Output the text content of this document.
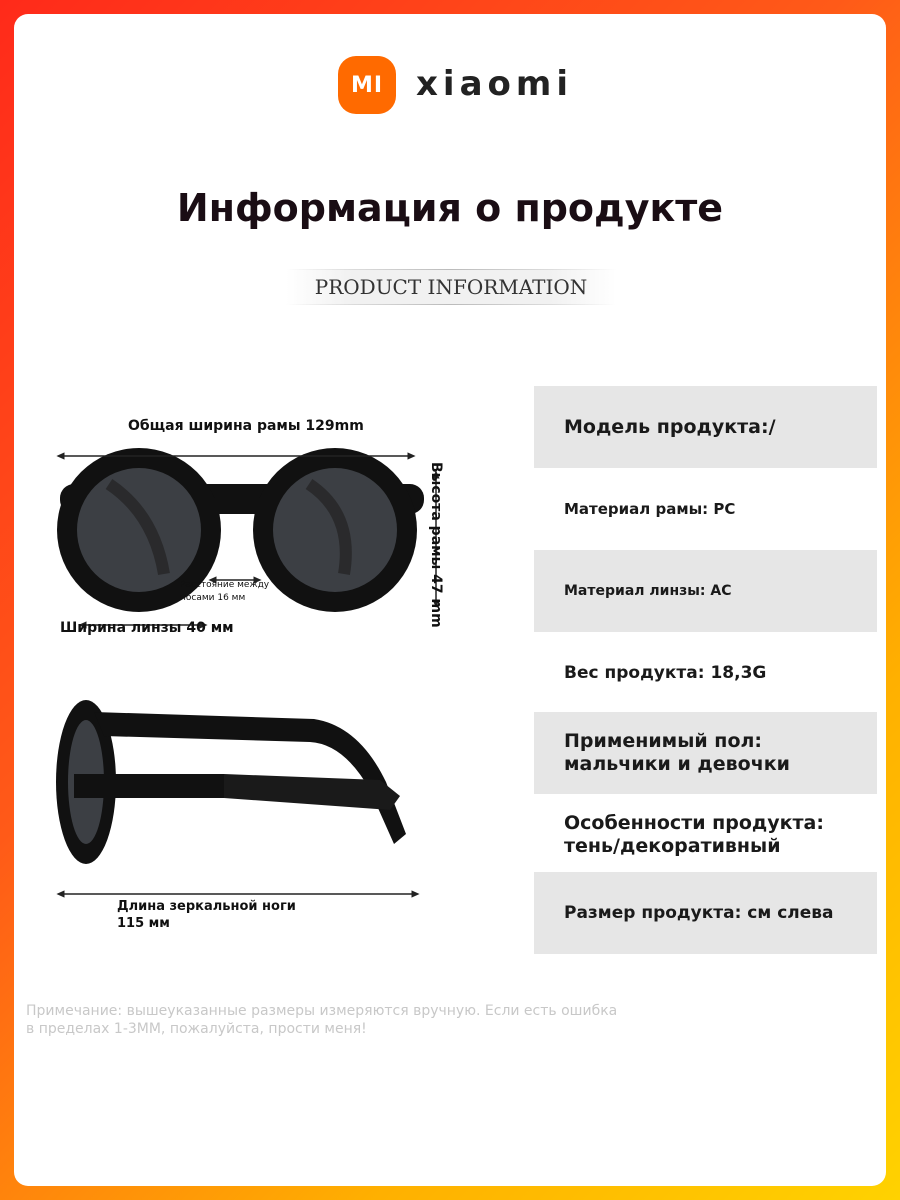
MI xiaomi
Информация о продукте
PRODUCT INFORMATION
Общая ширина рамы 129mm
Высота рамы 47 mm
Расстояние между
носами 16 мм
Ширина линзы 40 мм
Длина зеркальной ноги
115 мм
Модель продукта:/
Материал рамы: PC
Материал линзы: AC
Вес продукта: 18,3G
Применимый пол: мальчики и девочки
Особенности продукта: тень/декоративный
Размер продукта: см слева
Примечание: вышеуказанные размеры измеряются вручную. Если есть ошибка
в пределах 1-3ММ, пожалуйста, прости меня!
